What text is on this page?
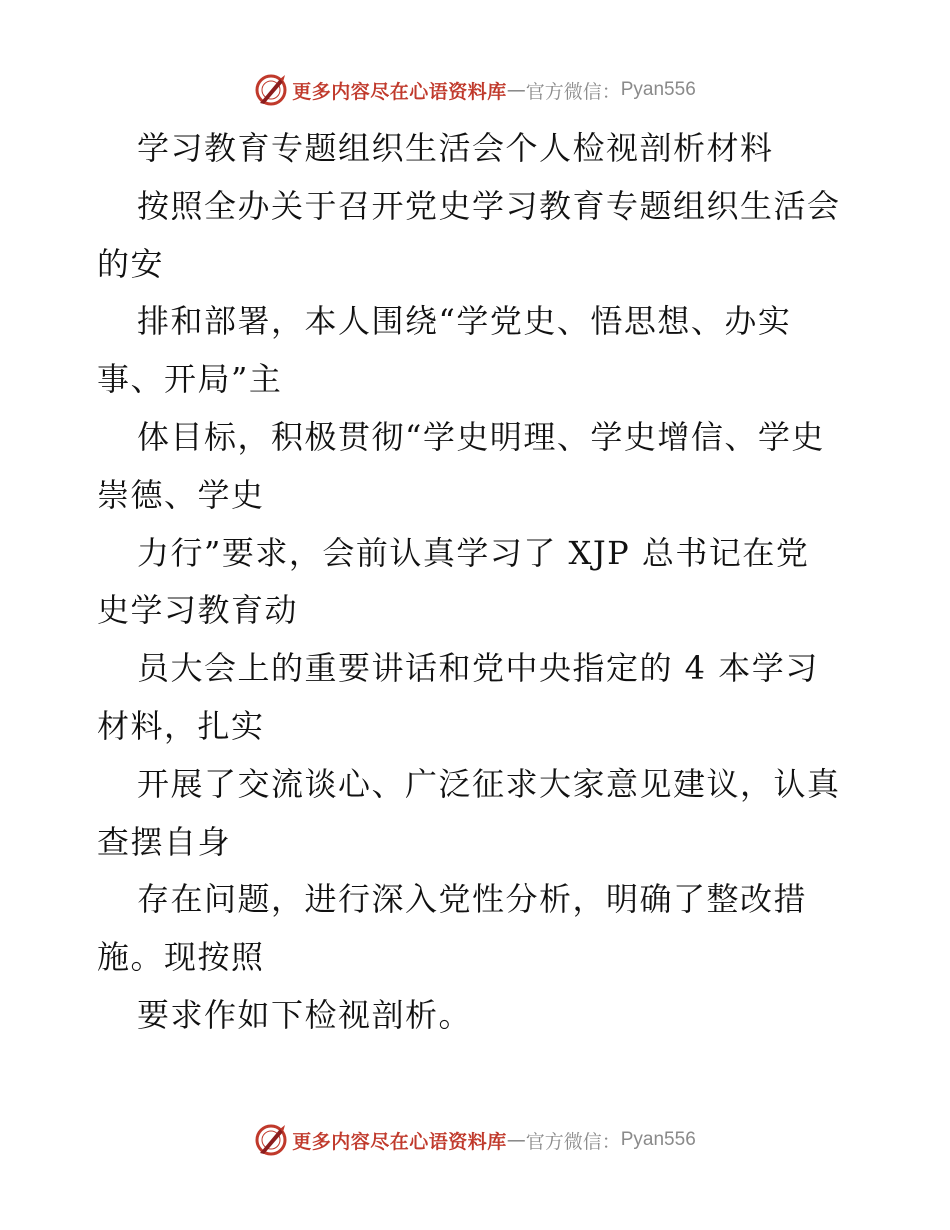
更多内容尽在心语资料库 — 官方微信： Pyan556
学习教育专题组织生活会个人检视剖析材料
按照全办关于召开党史学习教育专题组织生活会
的安
排和部署，本人围绕“学党史、悟思想、办实
事、开局”主
体目标，积极贯彻“学史明理、学史增信、学史
崇德、学史
力行”要求，会前认真学习了 XJP 总书记在党
史学习教育动
员大会上的重要讲话和党中央指定的 4 本学习
材料，扎实
开展了交流谈心、广泛征求大家意见建议，认真
查摆自身
存在问题，进行深入党性分析，明确了整改措
施。现按照
要求作如下检视剖析。
更多内容尽在心语资料库 — 官方微信： Pyan556
